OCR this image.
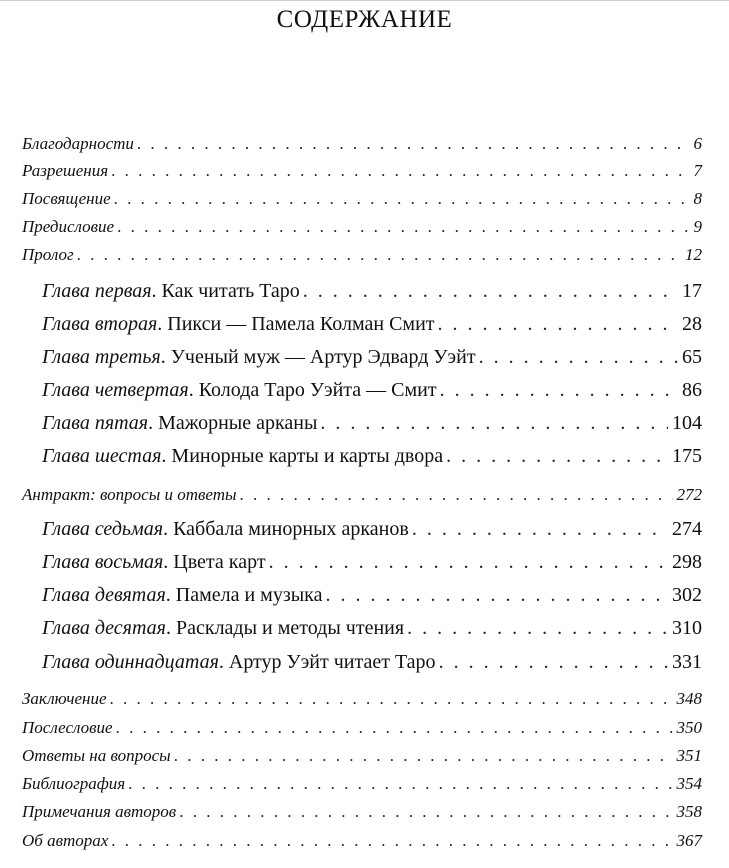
СОДЕРЖАНИЕ
Благодарности . . .	6
Разрешения . . .	7
Посвящение . . .	8
Предисловие . . .	9
Пролог . . .	12
Глава первая . Как читать Таро . . .	17
Глава вторая . Пикси — Памела Колман Смит . . .	28
Глава третья . Ученый муж — Артур Эдвард Уэйт . . .	65
Глава четвертая . Колода Таро Уэйта — Смит . . .	86
Глава пятая . Мажорные арканы . . .	104
Глава шестая . Минорные карты и карты двора . . .	175
Антракт: вопросы и ответы . . .	272
Глава седьмая . Каббала минорных арканов . . .	274
Глава восьмая . Цвета карт . . .	298
Глава девятая . Памела и музыка . . .	302
Глава десятая . Расклады и методы чтения . . .	310
Глава одиннадцатая . Артур Уэйт читает Таро . . .	331
Заключение . . .	348
Послесловие . . .	350
Ответы на вопросы . . .	351
Библиография . . .	354
Примечания авторов . . .	358
Об авторах . . .	367
